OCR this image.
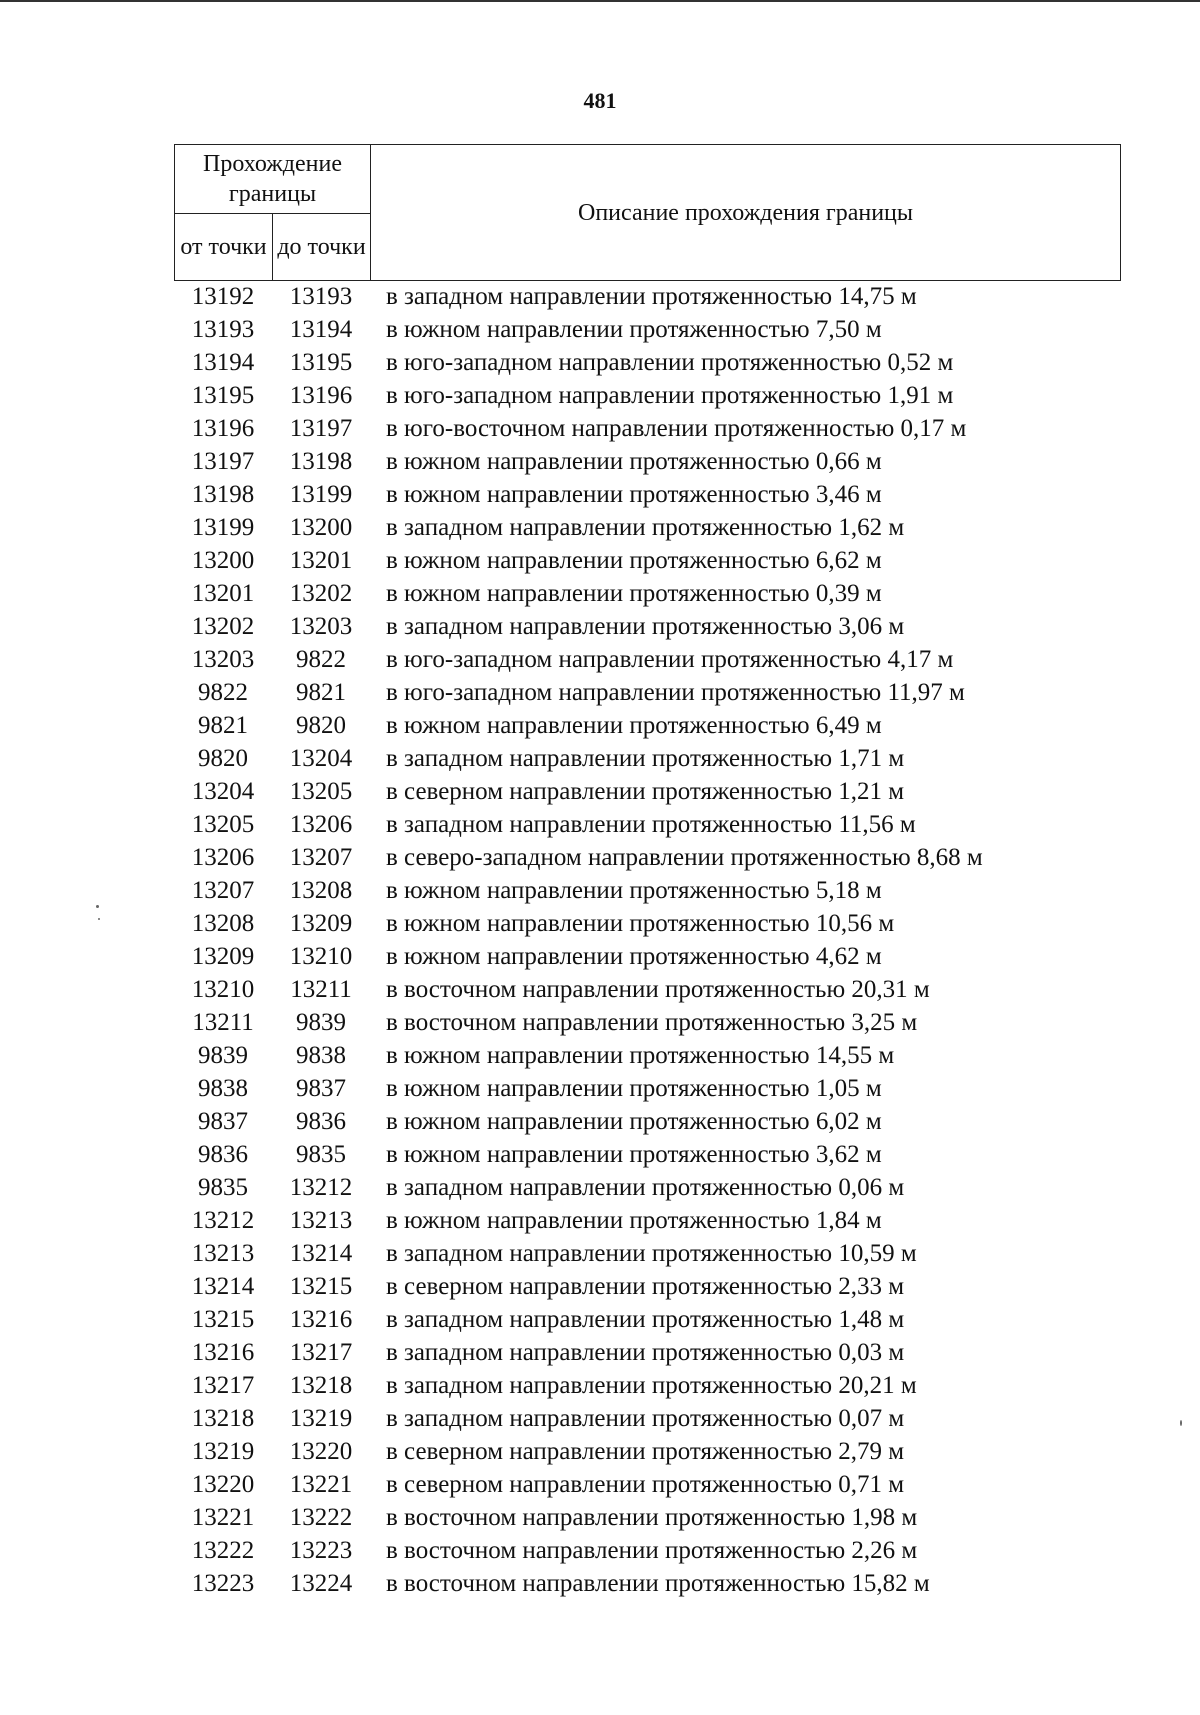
481
Прохождение границы		Описание прохождения границы
от точки	до точки	
13192	13193	в западном направлении протяженностью 14,75 м
13193	13194	в южном направлении протяженностью 7,50 м
13194	13195	в юго-западном направлении протяженностью 0,52 м
13195	13196	в юго-западном направлении протяженностью 1,91 м
13196	13197	в юго-восточном направлении протяженностью 0,17 м
13197	13198	в южном направлении протяженностью 0,66 м
13198	13199	в южном направлении протяженностью 3,46 м
13199	13200	в западном направлении протяженностью 1,62 м
13200	13201	в южном направлении протяженностью 6,62 м
13201	13202	в южном направлении протяженностью 0,39 м
13202	13203	в западном направлении протяженностью 3,06 м
13203	9822	в юго-западном направлении протяженностью 4,17 м
9822	9821	в юго-западном направлении протяженностью 11,97 м
9821	9820	в южном направлении протяженностью 6,49 м
9820	13204	в западном направлении протяженностью 1,71 м
13204	13205	в северном направлении протяженностью 1,21 м
13205	13206	в западном направлении протяженностью 11,56 м
13206	13207	в северо-западном направлении протяженностью 8,68 м
13207	13208	в южном направлении протяженностью 5,18 м
13208	13209	в южном направлении протяженностью 10,56 м
13209	13210	в южном направлении протяженностью 4,62 м
13210	13211	в восточном направлении протяженностью 20,31 м
13211	9839	в восточном направлении протяженностью 3,25 м
9839	9838	в южном направлении протяженностью 14,55 м
9838	9837	в южном направлении протяженностью 1,05 м
9837	9836	в южном направлении протяженностью 6,02 м
9836	9835	в южном направлении протяженностью 3,62 м
9835	13212	в западном направлении протяженностью 0,06 м
13212	13213	в южном направлении протяженностью 1,84 м
13213	13214	в западном направлении протяженностью 10,59 м
13214	13215	в северном направлении протяженностью 2,33 м
13215	13216	в западном направлении протяженностью 1,48 м
13216	13217	в западном направлении протяженностью 0,03 м
13217	13218	в западном направлении протяженностью 20,21 м
13218	13219	в западном направлении протяженностью 0,07 м
13219	13220	в северном направлении протяженностью 2,79 м
13220	13221	в северном направлении протяженностью 0,71 м
13221	13222	в восточном направлении протяженностью 1,98 м
13222	13223	в восточном направлении протяженностью 2,26 м
13223	13224	в восточном направлении протяженностью 15,82 м
